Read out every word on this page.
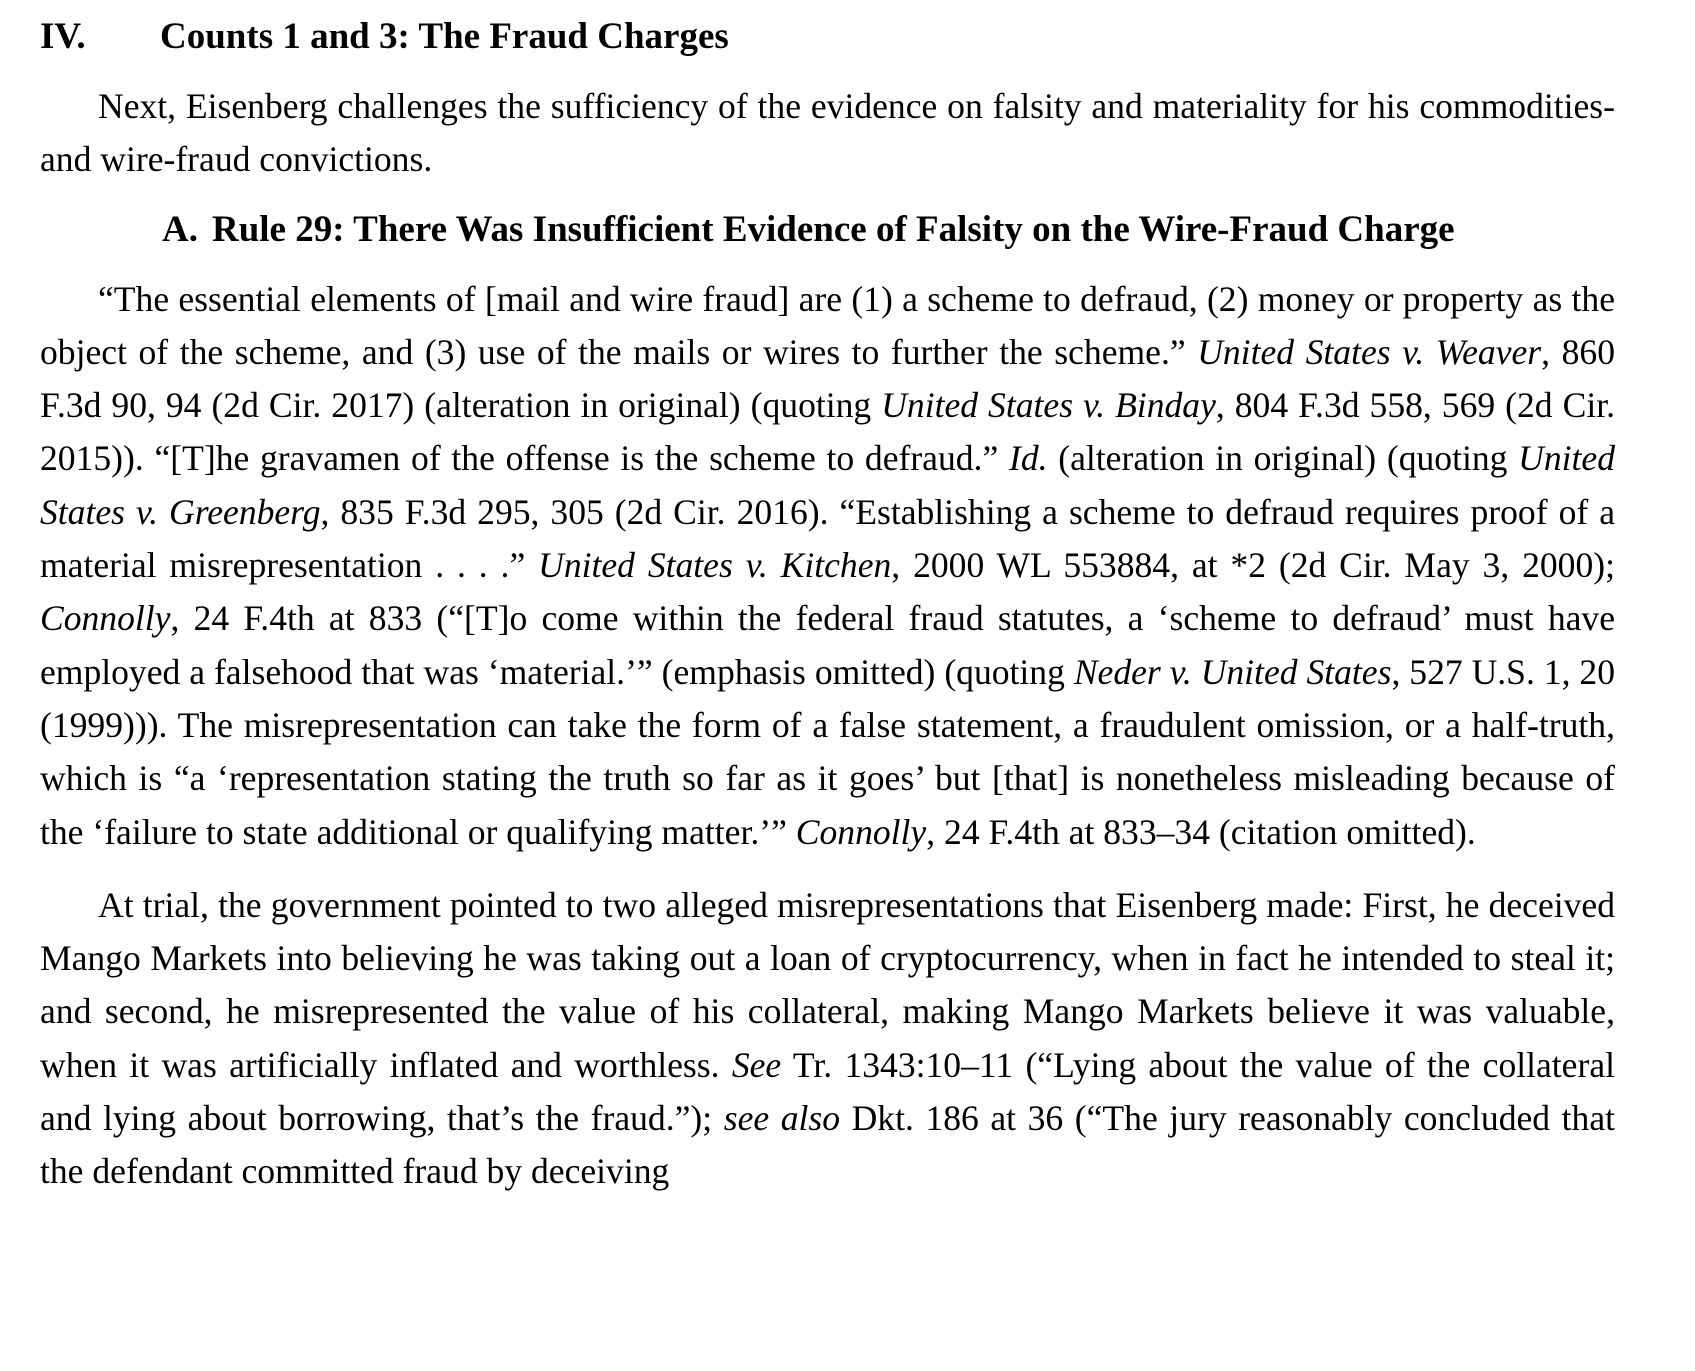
IV.	Counts 1 and 3: The Fraud Charges

Next, Eisenberg challenges the sufficiency of the evidence on falsity and materiality for his commodities- and wire-fraud convictions.

A. Rule 29: There Was Insufficient Evidence of Falsity on the Wire-Fraud Charge

“The essential elements of [mail and wire fraud] are (1) a scheme to defraud, (2) money or property as the object of the scheme, and (3) use of the mails or wires to further the scheme.” United States v. Weaver, 860 F.3d 90, 94 (2d Cir. 2017) (alteration in original) (quoting United States v. Binday, 804 F.3d 558, 569 (2d Cir. 2015)). “[T]he gravamen of the offense is the scheme to defraud.” Id. (alteration in original) (quoting United States v. Greenberg, 835 F.3d 295, 305 (2d Cir. 2016). “Establishing a scheme to defraud requires proof of a material misrepresentation . . . .” United States v. Kitchen, 2000 WL 553884, at *2 (2d Cir. May 3, 2000); Connolly, 24 F.4th at 833 (“[T]o come within the federal fraud statutes, a ‘scheme to defraud’ must have employed a falsehood that was ‘material.’” (emphasis omitted) (quoting Neder v. United States, 527 U.S. 1, 20 (1999))). The misrepresentation can take the form of a false statement, a fraudulent omission, or a half-truth, which is “a ‘representation stating the truth so far as it goes’ but [that] is nonetheless misleading because of the ‘failure to state additional or qualifying matter.’” Connolly, 24 F.4th at 833–34 (citation omitted).

At trial, the government pointed to two alleged misrepresentations that Eisenberg made: First, he deceived Mango Markets into believing he was taking out a loan of cryptocurrency, when in fact he intended to steal it; and second, he misrepresented the value of his collateral, making Mango Markets believe it was valuable, when it was artificially inflated and worthless. See Tr. 1343:10–11 (“Lying about the value of the collateral and lying about borrowing, that’s the fraud.”); see also Dkt. 186 at 36 (“The jury reasonably concluded that the defendant committed fraud by deceiving
